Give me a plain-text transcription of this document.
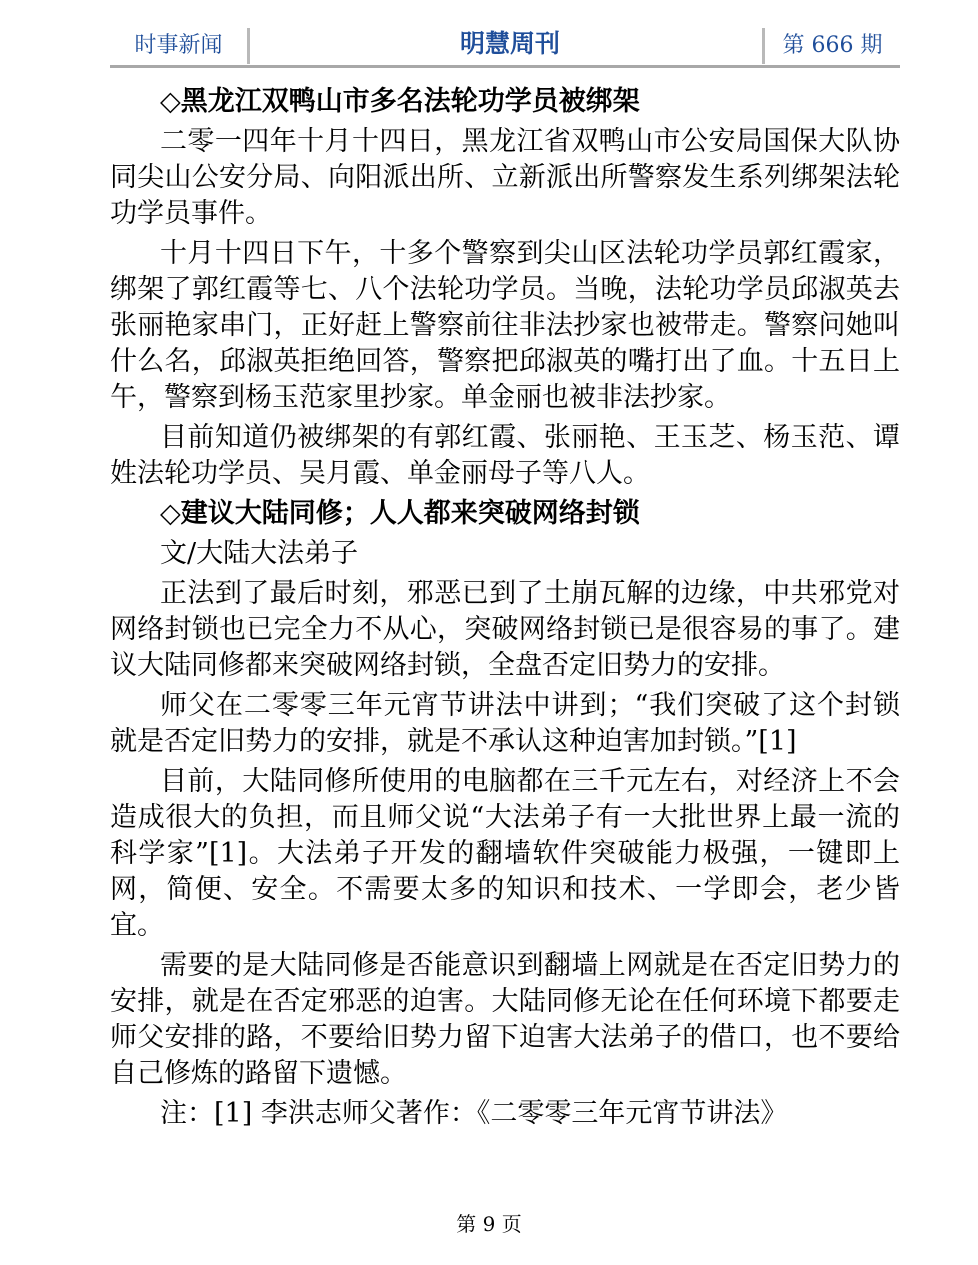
时事新闻	明慧周刊	第 666 期

◇黑龙江双鸭山市多名法轮功学员被绑架

二零一四年十月十四日，黑龙江省双鸭山市公安局国保大队协同尖山公安分局、向阳派出所、立新派出所警察发生系列绑架法轮功学员事件。

十月十四日下午，十多个警察到尖山区法轮功学员郭红霞家，绑架了郭红霞等七、八个法轮功学员。当晚，法轮功学员邱淑英去张丽艳家串门，正好赶上警察前往非法抄家也被带走。警察问她叫什么名，邱淑英拒绝回答，警察把邱淑英的嘴打出了血。十五日上午，警察到杨玉范家里抄家。单金丽也被非法抄家。

目前知道仍被绑架的有郭红霞、张丽艳、王玉芝、杨玉范、谭姓法轮功学员、吴月霞、单金丽母子等八人。

◇建议大陆同修；人人都来突破网络封锁

文/大陆大法弟子

正法到了最后时刻，邪恶已到了土崩瓦解的边缘，中共邪党对网络封锁也已完全力不从心，突破网络封锁已是很容易的事了。建议大陆同修都来突破网络封锁，全盘否定旧势力的安排。

师父在二零零三年元宵节讲法中讲到；“我们突破了这个封锁就是否定旧势力的安排，就是不承认这种迫害加封锁。”[1]

目前，大陆同修所使用的电脑都在三千元左右，对经济上不会造成很大的负担，而且师父说“大法弟子有一大批世界上最一流的科学家”[1]。大法弟子开发的翻墙软件突破能力极强，一键即上网，简便、安全。不需要太多的知识和技术、一学即会，老少皆宜。

需要的是大陆同修是否能意识到翻墙上网就是在否定旧势力的安排，就是在否定邪恶的迫害。大陆同修无论在任何环境下都要走师父安排的路，不要给旧势力留下迫害大法弟子的借口，也不要给自己修炼的路留下遗憾。

注：[1] 李洪志师父著作：《二零零三年元宵节讲法》

第 9 页
